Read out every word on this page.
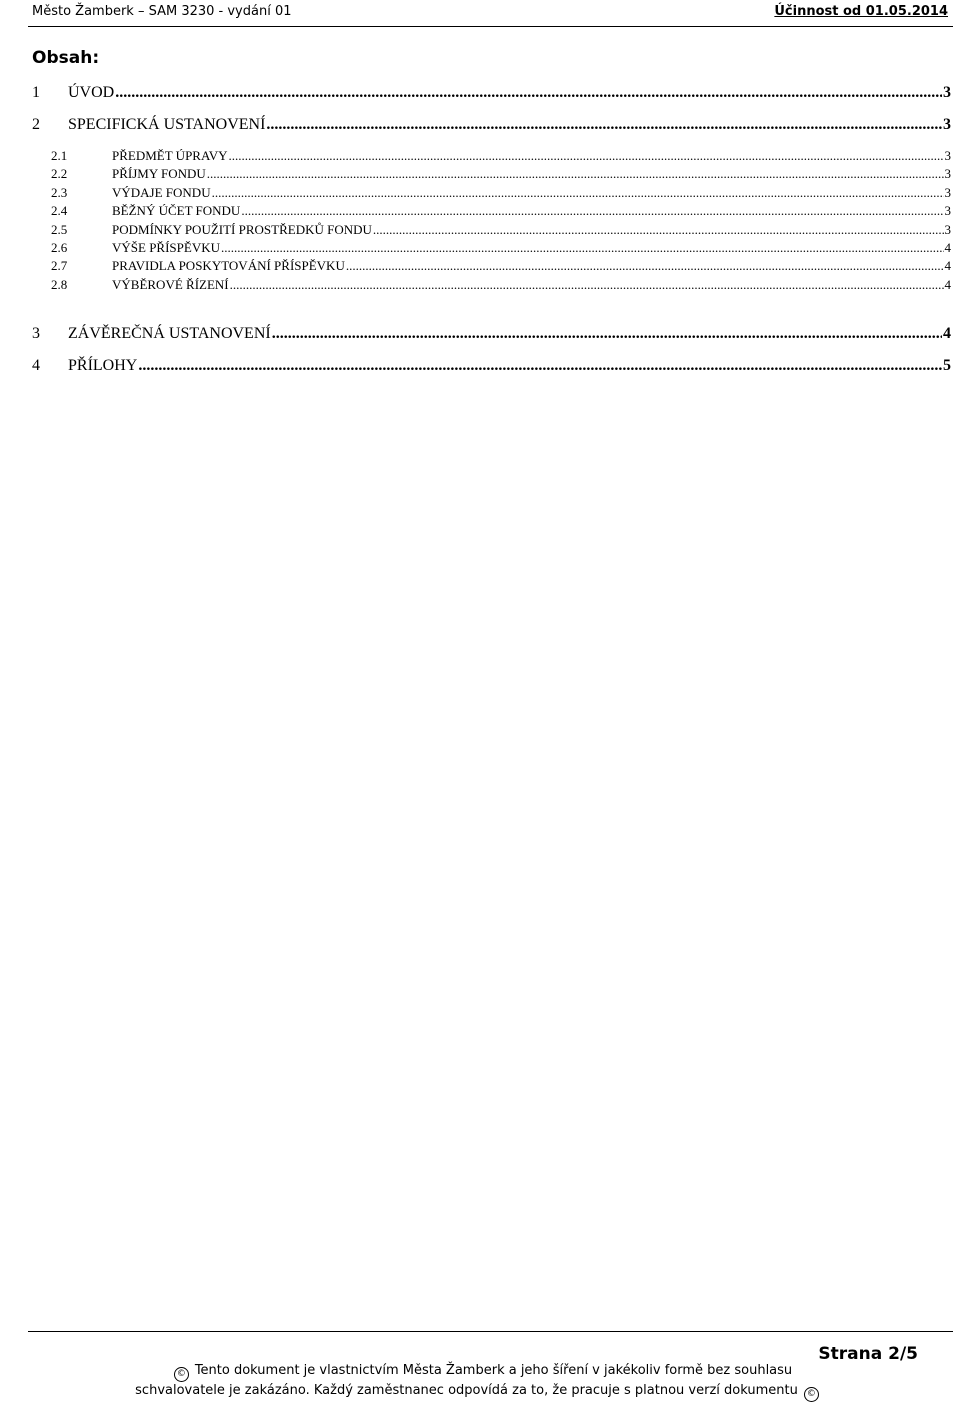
Město Žamberk – SAM 3230 - vydání 01	Účinnost od 01.05.2014
Obsah:
1	ÚVOD .....	3
2	SPECIFICKÁ USTANOVENÍ .....	3
2.1	PŘEDMĚT ÚPRAVY .....	3
2.2	PŘÍJMY FONDU .....	3
2.3	VÝDAJE FONDU .....	3
2.4	BĚŽNÝ ÚČET FONDU .....	3
2.5	PODMÍNKY POUŽITÍ PROSTŘEDKŮ FONDU .....	3
2.6	VÝŠE PŘÍSPĚVKU .....	4
2.7	PRAVIDLA POSKYTOVÁNÍ PŘÍSPĚVKU .....	4
2.8	VÝBĚROVÉ ŘÍZENÍ .....	4
3	ZÁVĚREČNÁ USTANOVENÍ .....	4
4	PŘÍLOHY .....	5
Strana 2/5
© Tento dokument je vlastnictvím Města Žamberk a jeho šíření v jakékoliv formě bez souhlasu
schvalovatele je zakázáno. Každý zaměstnanec odpovídá za to, že pracuje s platnou verzí dokumentu ©
